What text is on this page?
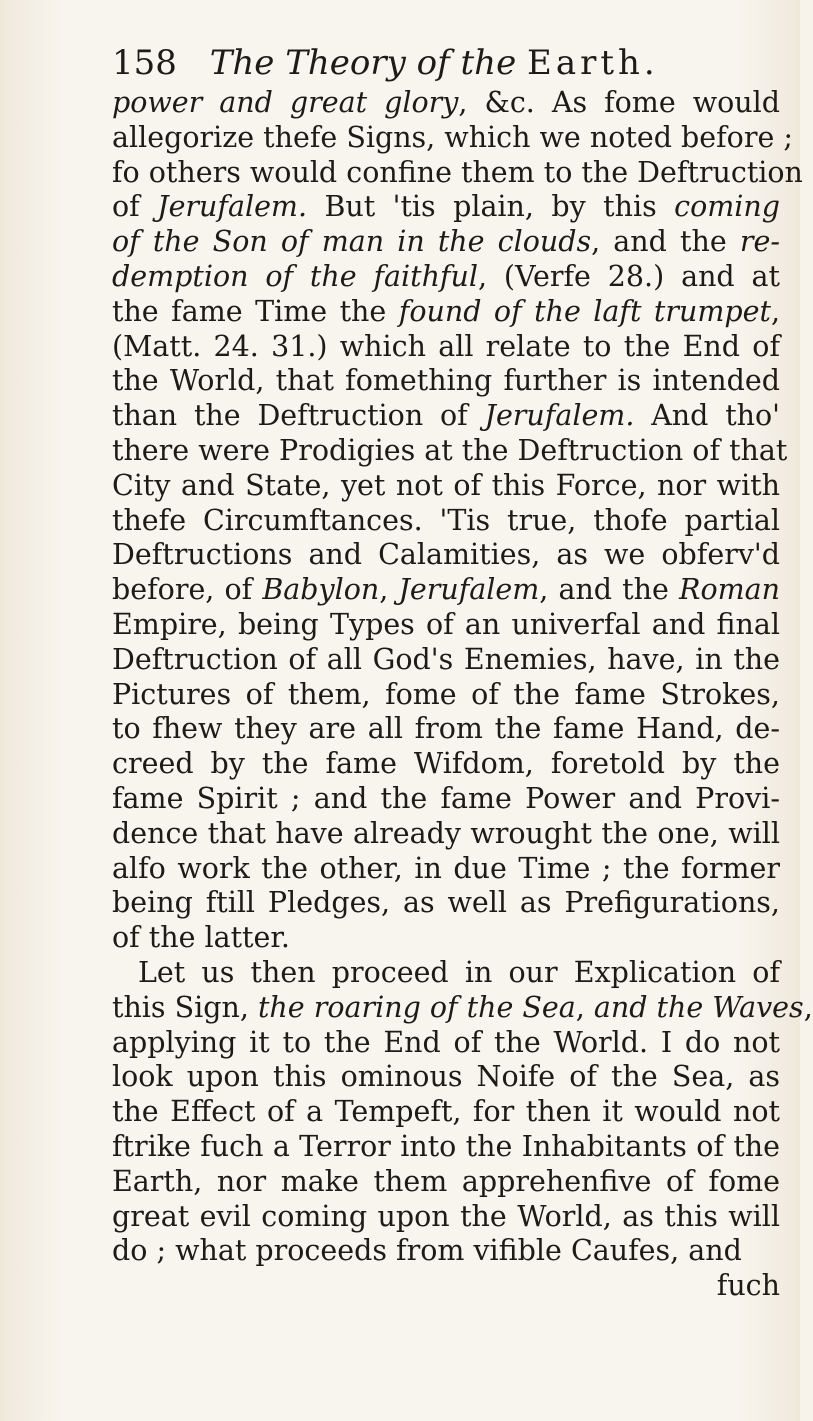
158 The Theory of the Earth.
power and great glory, &c. As fome would
allegorize thefe Signs, which we noted before ;
fo others would confine them to the Deftruction
of Jerufalem. But 'tis plain, by this coming
of the Son of man in the clouds, and the re-
demption of the faithful, (Verfe 28.) and at
the fame Time the found of the laft trumpet,
(Matt. 24. 31.) which all relate to the End of
the World, that fomething further is intended
than the Deftruction of Jerufalem. And tho'
there were Prodigies at the Deftruction of that
City and State, yet not of this Force, nor with
thefe Circumftances. 'Tis true, thofe partial
Deftructions and Calamities, as we obferv'd
before, of Babylon, Jerufalem, and the Roman
Empire, being Types of an univerfal and final
Deftruction of all God's Enemies, have, in the
Pictures of them, fome of the fame Strokes,
to fhew they are all from the fame Hand, de-
creed by the fame Wifdom, foretold by the
fame Spirit ; and the fame Power and Provi-
dence that have already wrought the one, will
alfo work the other, in due Time ; the former
being ftill Pledges, as well as Prefigurations,
of the latter.
Let us then proceed in our Explication of
this Sign, the roaring of the Sea, and the Waves,
applying it to the End of the World. I do not
look upon this ominous Noife of the Sea, as
the Effect of a Tempeft, for then it would not
ftrike fuch a Terror into the Inhabitants of the
Earth, nor make them apprehenfive of fome
great evil coming upon the World, as this will
do ; what proceeds from vifible Caufes, and
fuch
